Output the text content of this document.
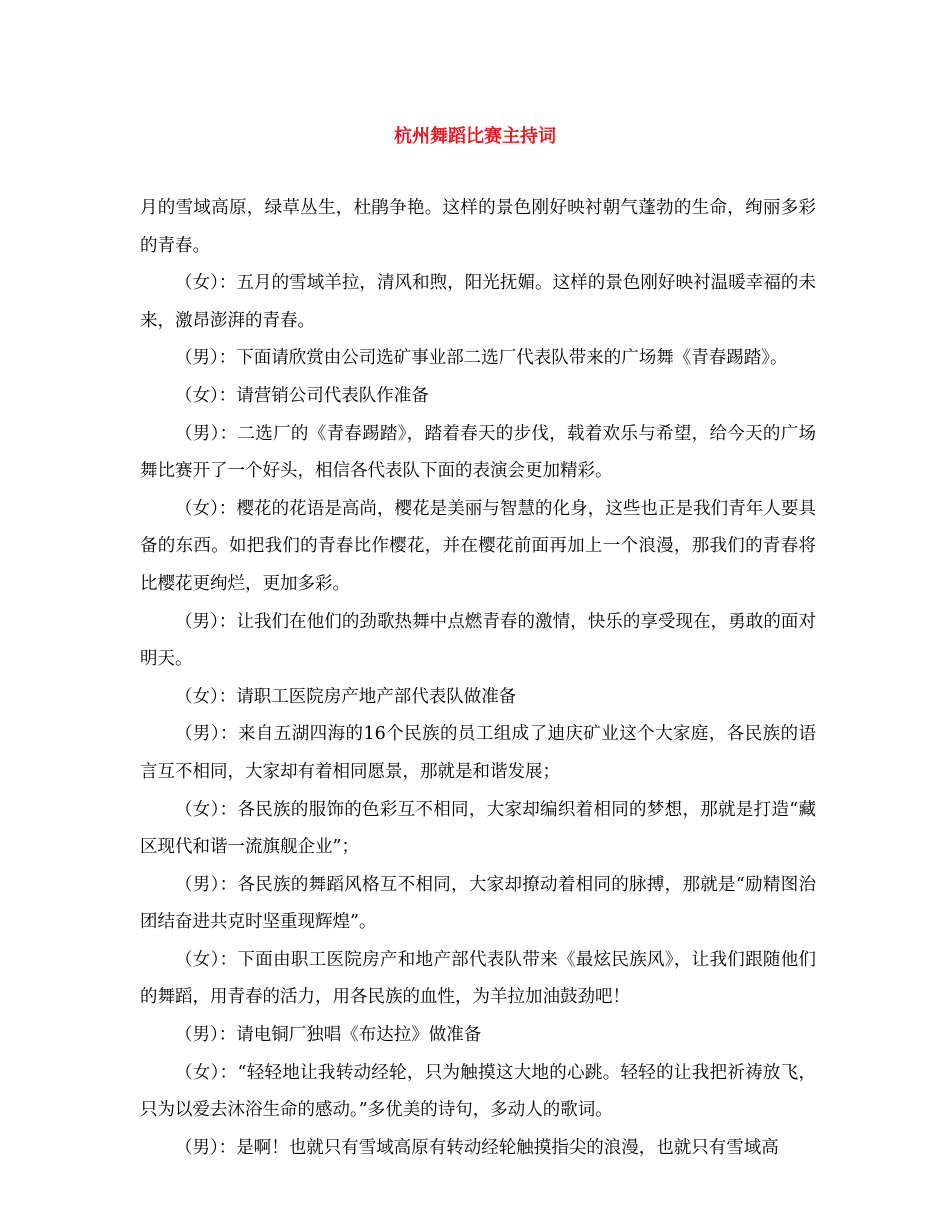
杭州舞蹈比赛主持词

月的雪域高原，绿草丛生，杜鹃争艳。这样的景色刚好映衬朝气蓬勃的生命，绚丽多彩的青春。

（女）：五月的雪域羊拉，清风和煦，阳光抚媚。这样的景色刚好映衬温暖幸福的未来，激昂澎湃的青春。

（男）：下面请欣赏由公司选矿事业部二选厂代表队带来的广场舞《青春踢踏》。

（女）：请营销公司代表队作准备

（男）：二选厂的《青春踢踏》，踏着春天的步伐，载着欢乐与希望，给今天的广场舞比赛开了一个好头，相信各代表队下面的表演会更加精彩。

（女）：樱花的花语是高尚，樱花是美丽与智慧的化身，这些也正是我们青年人要具备的东西。如把我们的青春比作樱花，并在樱花前面再加上一个浪漫，那我们的青春将比樱花更绚烂，更加多彩。

（男）：让我们在他们的劲歌热舞中点燃青春的激情，快乐的享受现在，勇敢的面对明天。

（女）：请职工医院房产地产部代表队做准备

（男）：来自五湖四海的16个民族的员工组成了迪庆矿业这个大家庭，各民族的语言互不相同，大家却有着相同愿景，那就是和谐发展；

（女）：各民族的服饰的色彩互不相同，大家却编织着相同的梦想，那就是打造“藏区现代和谐一流旗舰企业”；

（男）：各民族的舞蹈风格互不相同，大家却撩动着相同的脉搏，那就是“励精图治团结奋进共克时坚重现辉煌”。

（女）：下面由职工医院房产和地产部代表队带来《最炫民族风》，让我们跟随他们的舞蹈，用青春的活力，用各民族的血性，为羊拉加油鼓劲吧！

（男）：请电铜厂独唱《布达拉》做准备

（女）：“轻轻地让我转动经轮，只为触摸这大地的心跳。轻轻的让我把祈祷放飞，只为以爱去沐浴生命的感动。”多优美的诗句，多动人的歌词。

（男）：是啊！也就只有雪域高原有转动经轮触摸指尖的浪漫，也就只有雪域高
